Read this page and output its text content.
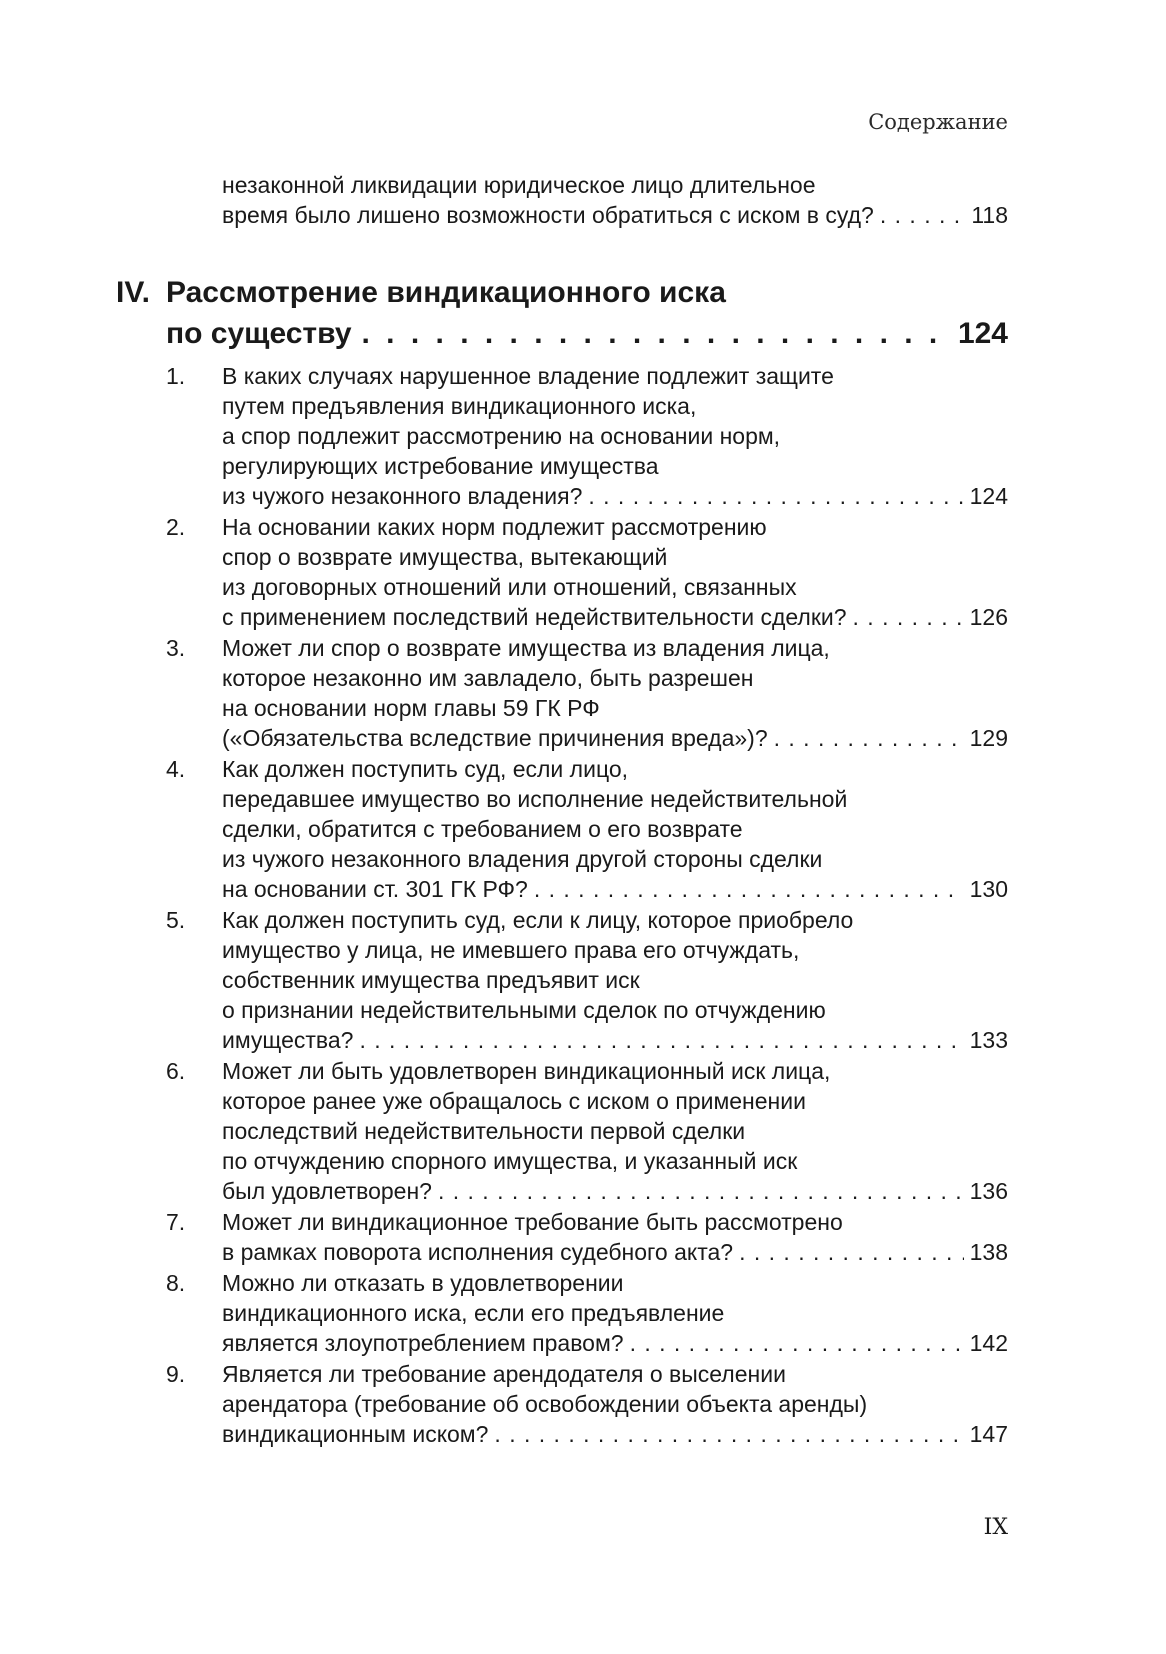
Содержание
незаконной ликвидации юридическое лицо длительное
время было лишено возможности обратиться с иском в суд? . . .	118
IV. Рассмотрение виндикационного иска
по существу . . .	124
1.	В каких случаях нарушенное владение подлежит защите
путем предъявления виндикационного иска,
а спор подлежит рассмотрению на основании норм,
регулирующих истребование имущества
из чужого незаконного владения? . . .	124
2.	На основании каких норм подлежит рассмотрению
спор о возврате имущества, вытекающий
из договорных отношений или отношений, связанных
с применением последствий недействительности сделки? . . .	126
3.	Может ли спор о возврате имущества из владения лица,
которое незаконно им завладело, быть разрешен
на основании норм главы 59 ГК РФ
(«Обязательства вследствие причинения вреда»)? . . .	129
4.	Как должен поступить суд, если лицо,
передавшее имущество во исполнение недействительной
сделки, обратится с требованием о его возврате
из чужого незаконного владения другой стороны сделки
на основании ст. 301 ГК РФ? . . .	130
5.	Как должен поступить суд, если к лицу, которое приобрело
имущество у лица, не имевшего права его отчуждать,
собственник имущества предъявит иск
о признании недействительными сделок по отчуждению
имущества? . . .	133
6.	Может ли быть удовлетворен виндикационный иск лица,
которое ранее уже обращалось с иском о применении
последствий недействительности первой сделки
по отчуждению спорного имущества, и указанный иск
был удовлетворен? . . .	136
7.	Может ли виндикационное требование быть рассмотрено
в рамках поворота исполнения судебного акта? . . .	138
8.	Можно ли отказать в удовлетворении
виндикационного иска, если его предъявление
является злоупотреблением правом? . . .	142
9.	Является ли требование арендодателя о выселении
арендатора (требование об освобождении объекта аренды)
виндикационным иском? . . .	147
IX
